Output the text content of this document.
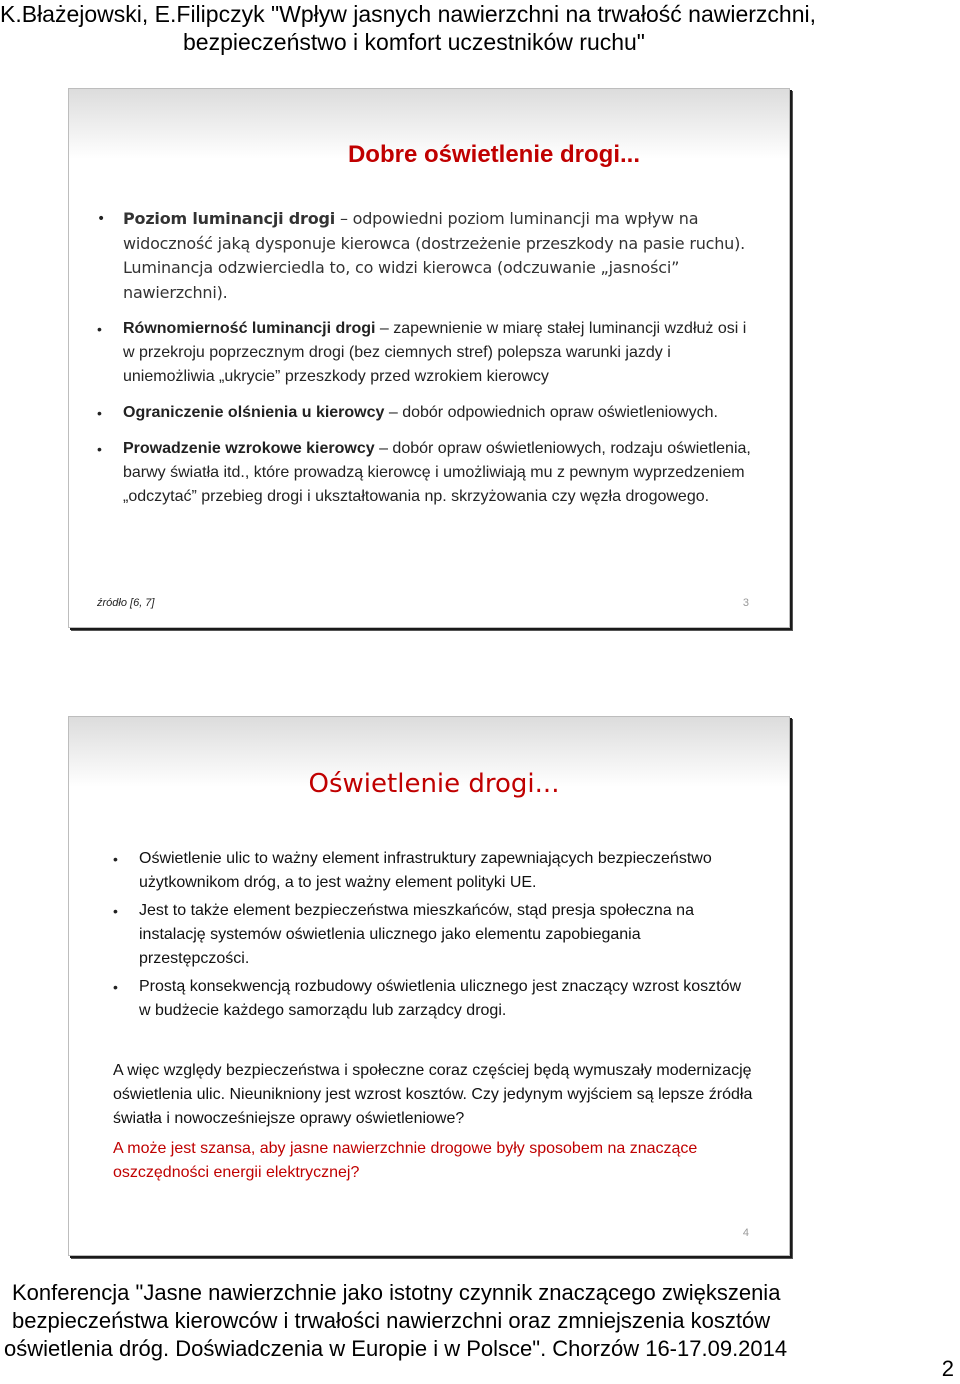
K.Błażejowski, E.Filipczyk "Wpływ jasnych nawierzchni na trwałość nawierzchni,
bezpieczeństwo i komfort uczestników ruchu"
Dobre oświetlenie drogi...
• Poziom luminancji drogi – odpowiedni poziom luminancji ma wpływ na widoczność jaką dysponuje kierowca (dostrzeżenie przeszkody na pasie ruchu). Luminancja odzwierciedla to, co widzi kierowca (odczuwanie „jasności” nawierzchni).
• Równomierność luminancji drogi – zapewnienie w miarę stałej luminancji wzdłuż osi i w przekroju poprzecznym drogi (bez ciemnych stref) polepsza warunki jazdy i uniemożliwia „ukrycie” przeszkody przed wzrokiem kierowcy
• Ograniczenie olśnienia u kierowcy – dobór odpowiednich opraw oświetleniowych.
• Prowadzenie wzrokowe kierowcy – dobór opraw oświetleniowych, rodzaju oświetlenia, barwy światła itd., które prowadzą kierowcę i umożliwiają mu z pewnym wyprzedzeniem „odczytać” przebieg drogi i ukształtowania np. skrzyżowania czy węzła drogowego.
źródło [6, 7]	3
Oświetlenie drogi...
• Oświetlenie ulic to ważny element infrastruktury zapewniających bezpieczeństwo użytkownikom dróg, a to jest ważny element polityki UE.
• Jest to także element bezpieczeństwa mieszkańców, stąd presja społeczna na instalację systemów oświetlenia ulicznego jako elementu zapobiegania przestępczości.
• Prostą konsekwencją rozbudowy oświetlenia ulicznego jest znaczący wzrost kosztów w budżecie każdego samorządu lub zarządcy drogi.
A więc względy bezpieczeństwa i społeczne coraz częściej będą wymuszały modernizację oświetlenia ulic. Nieunikniony jest wzrost kosztów. Czy jedynym wyjściem są lepsze źródła światła i nowocześniejsze oprawy oświetleniowe?
A może jest szansa, aby jasne nawierzchnie drogowe były sposobem na znaczące oszczędności energii elektrycznej?
4
Konferencja "Jasne nawierzchnie jako istotny czynnik znaczącego zwiększenia
bezpieczeństwa kierowców i trwałości nawierzchni oraz zmniejszenia kosztów
oświetlenia dróg. Doświadczenia w Europie i w Polsce". Chorzów 16-17.09.2014
2
